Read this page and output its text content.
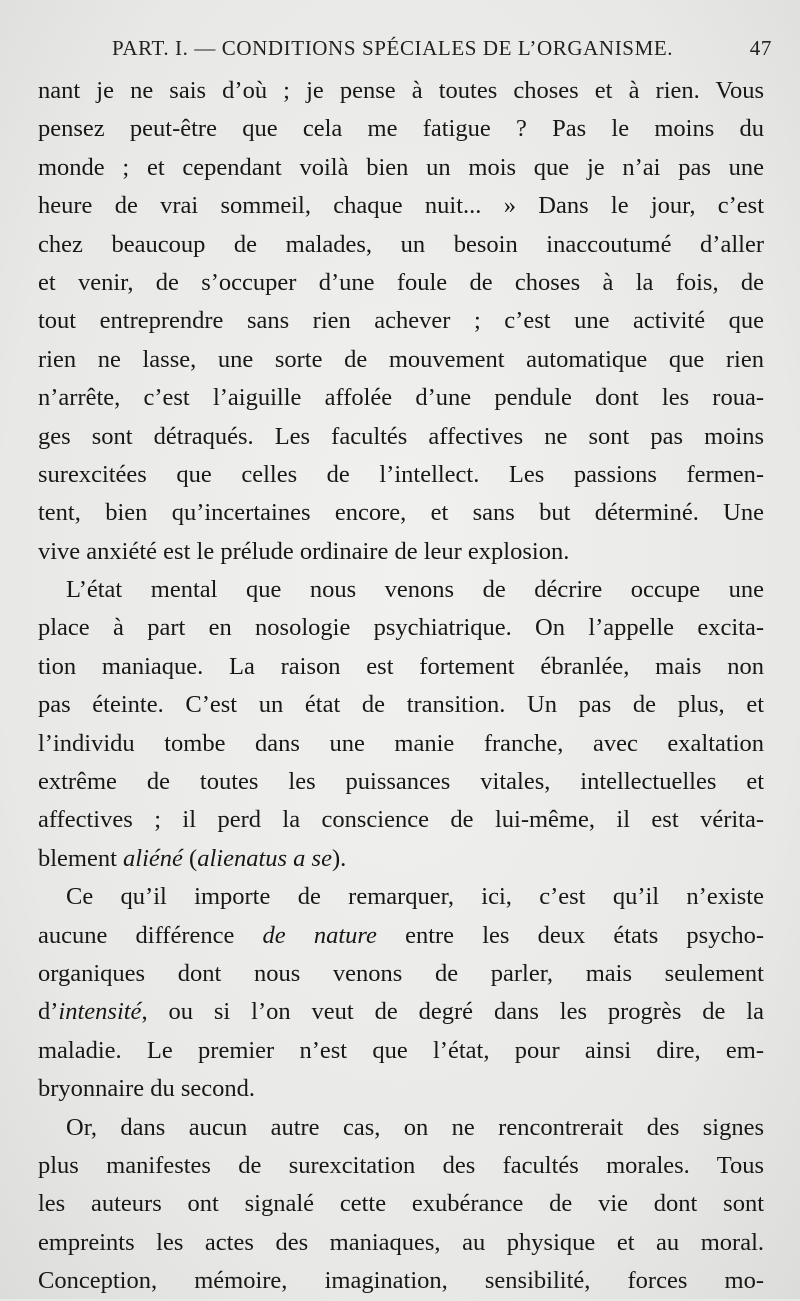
PART. I. — CONDITIONS SPÉCIALES DE L’ORGANISME.	47
nant je ne sais d’où ; je pense à toutes choses et à rien. Vous
pensez peut-être que cela me fatigue ? Pas le moins du
monde ; et cependant voilà bien un mois que je n’ai pas une
heure de vrai sommeil, chaque nuit... » Dans le jour, c’est
chez beaucoup de malades, un besoin inaccoutumé d’aller
et venir, de s’occuper d’une foule de choses à la fois, de
tout entreprendre sans rien achever ; c’est une activité que
rien ne lasse, une sorte de mouvement automatique que rien
n’arrête, c’est l’aiguille affolée d’une pendule dont les roua-
ges sont détraqués. Les facultés affectives ne sont pas moins
surexcitées que celles de l’intellect. Les passions fermen-
tent, bien qu’incertaines encore, et sans but déterminé. Une
vive anxiété est le prélude ordinaire de leur explosion.
L’état mental que nous venons de décrire occupe une
place à part en nosologie psychiatrique. On l’appelle excita-
tion maniaque. La raison est fortement ébranlée, mais non
pas éteinte. C’est un état de transition. Un pas de plus, et
l’individu tombe dans une manie franche, avec exaltation
extrême de toutes les puissances vitales, intellectuelles et
affectives ; il perd la conscience de lui-même, il est vérita-
blement aliéné (alienatus a se).
Ce qu’il importe de remarquer, ici, c’est qu’il n’existe
aucune différence de nature entre les deux états psycho-
organiques dont nous venons de parler, mais seulement
d’intensité, ou si l’on veut de degré dans les progrès de la
maladie. Le premier n’est que l’état, pour ainsi dire, em-
bryonnaire du second.
Or, dans aucun autre cas, on ne rencontrerait des signes
plus manifestes de surexcitation des facultés morales. Tous
les auteurs ont signalé cette exubérance de vie dont sont
empreints les actes des maniaques, au physique et au moral.
Conception, mémoire, imagination, sensibilité, forces mo-
